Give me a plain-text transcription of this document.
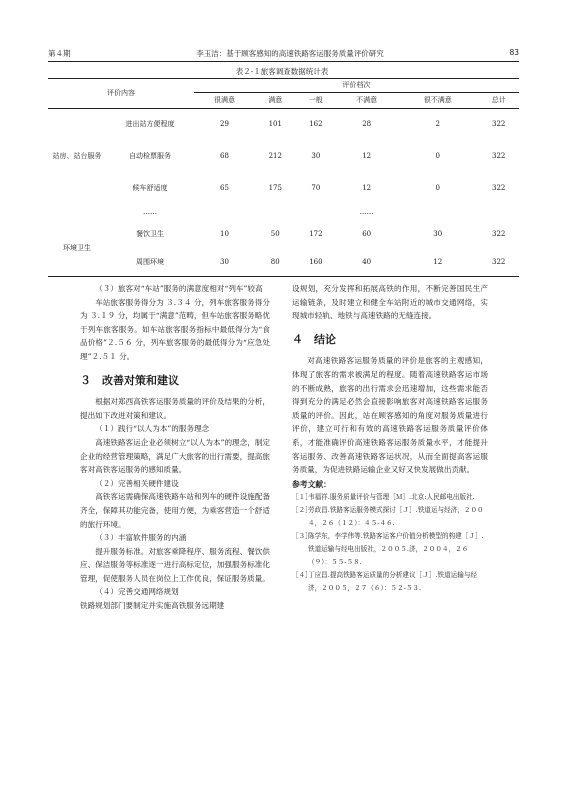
第４期	李玉洁：基于顾客感知的高速铁路客运服务质量评价研究	83
表２-１旅客调查数据统计表
评价内容		评价档次					
		很满意	满意	一般	不满意	很不满意	总计
站房、站台服务	进出站方便程度	29	101	162	28	2	322
	自动检票服务	68	212	30	12	0	322
	候车舒适度	65	175	70	12	0	322
	……				……		
环境卫生	餐饮卫生	10	50	172	60	30	322
	周围环境	30	80	160	40	12	322

（３）旅客对“车站”服务的满意度相对“列车”较高

车站旅客服务得分为 ３.３４ 分，列车旅客服务得分为 ３.１９ 分，均属于“满意”范畴，但车站旅客服务略优于列车旅客服务。如车站旅客服务指标中最低得分为“食品价格”２.５６ 分，列车旅客服务的最低得分为“应急处理”２.５１ 分。

３ 改善对策和建议

根据对郑西高铁客运服务质量的评价及结果的分析，提出如下改进对策和建议。

（１）践行“以人为本”的服务理念

高速铁路客运企业必须树立“以人为本”的理念，制定企业的经营管理策略，满足广大旅客的出行需要，提高旅客对高铁客运服务的感知质量。

（２）完善相关硬件建设

高铁客运需确保高速铁路车站和列车的硬件设施配备齐全，保障其功能完备，使用方便，为乘客营造一个舒适的旅行环境。

（３）丰富软件服务的内涵

提升服务标准。对旅客乘降程序、服务流程、餐饮供应、保洁服务等标准逐一进行高标定位，加强服务标准化管理，促使服务人员在岗位上工作优良，保证服务质量。

（４）完善交通网络规划

铁路规划部门要制定并实施高铁服务远期建

设规划，充分发挥和拓展高铁的作用，不断完善国民生产运输链条，及时建立和健全车站附近的城市交通网络，实现城市轻轨、地铁与高速铁路的无缝连接。

４ 结论

对高速铁路客运服务质量的评价是旅客的主观感知，体现了旅客的需求被满足的程度。随着高速铁路客运市场的不断成熟，旅客的出行需求会迅速增加，这些需求能否得到充分的满足必然会直接影响旅客对高速铁路客运服务质量的评价。因此，站在顾客感知的角度对服务质量进行评价，建立可行和有效的高速铁路客运服务质量评价体系，才能准确评价高速铁路客运服务质量水平，才能提升客运服务、改善高速铁路客运状况，从而全面提高客运服务质量，为促进铁路运输企业又好又快发展做出贡献。

参考文献：
［１］
韦福祥.服务质量评价与管理［Ｍ］.北京:人民邮电出版社.
［２］
劳政昌.铁路客运服务模式探讨［Ｊ］.铁道运与经济，２００４，２６（１２）：４５-４６.
［３］
陈学东，李学伟等.铁路客运客户价值分析模型的构建［Ｊ］.铁道运输与经电出版社，２００５.济，２００４，２６（９）：５５-５８.
［４］
丁应昌.提高铁路客运质量的分析建议［Ｊ］.铁道运输与经济，２００５，２７（６）：５２-５３.
